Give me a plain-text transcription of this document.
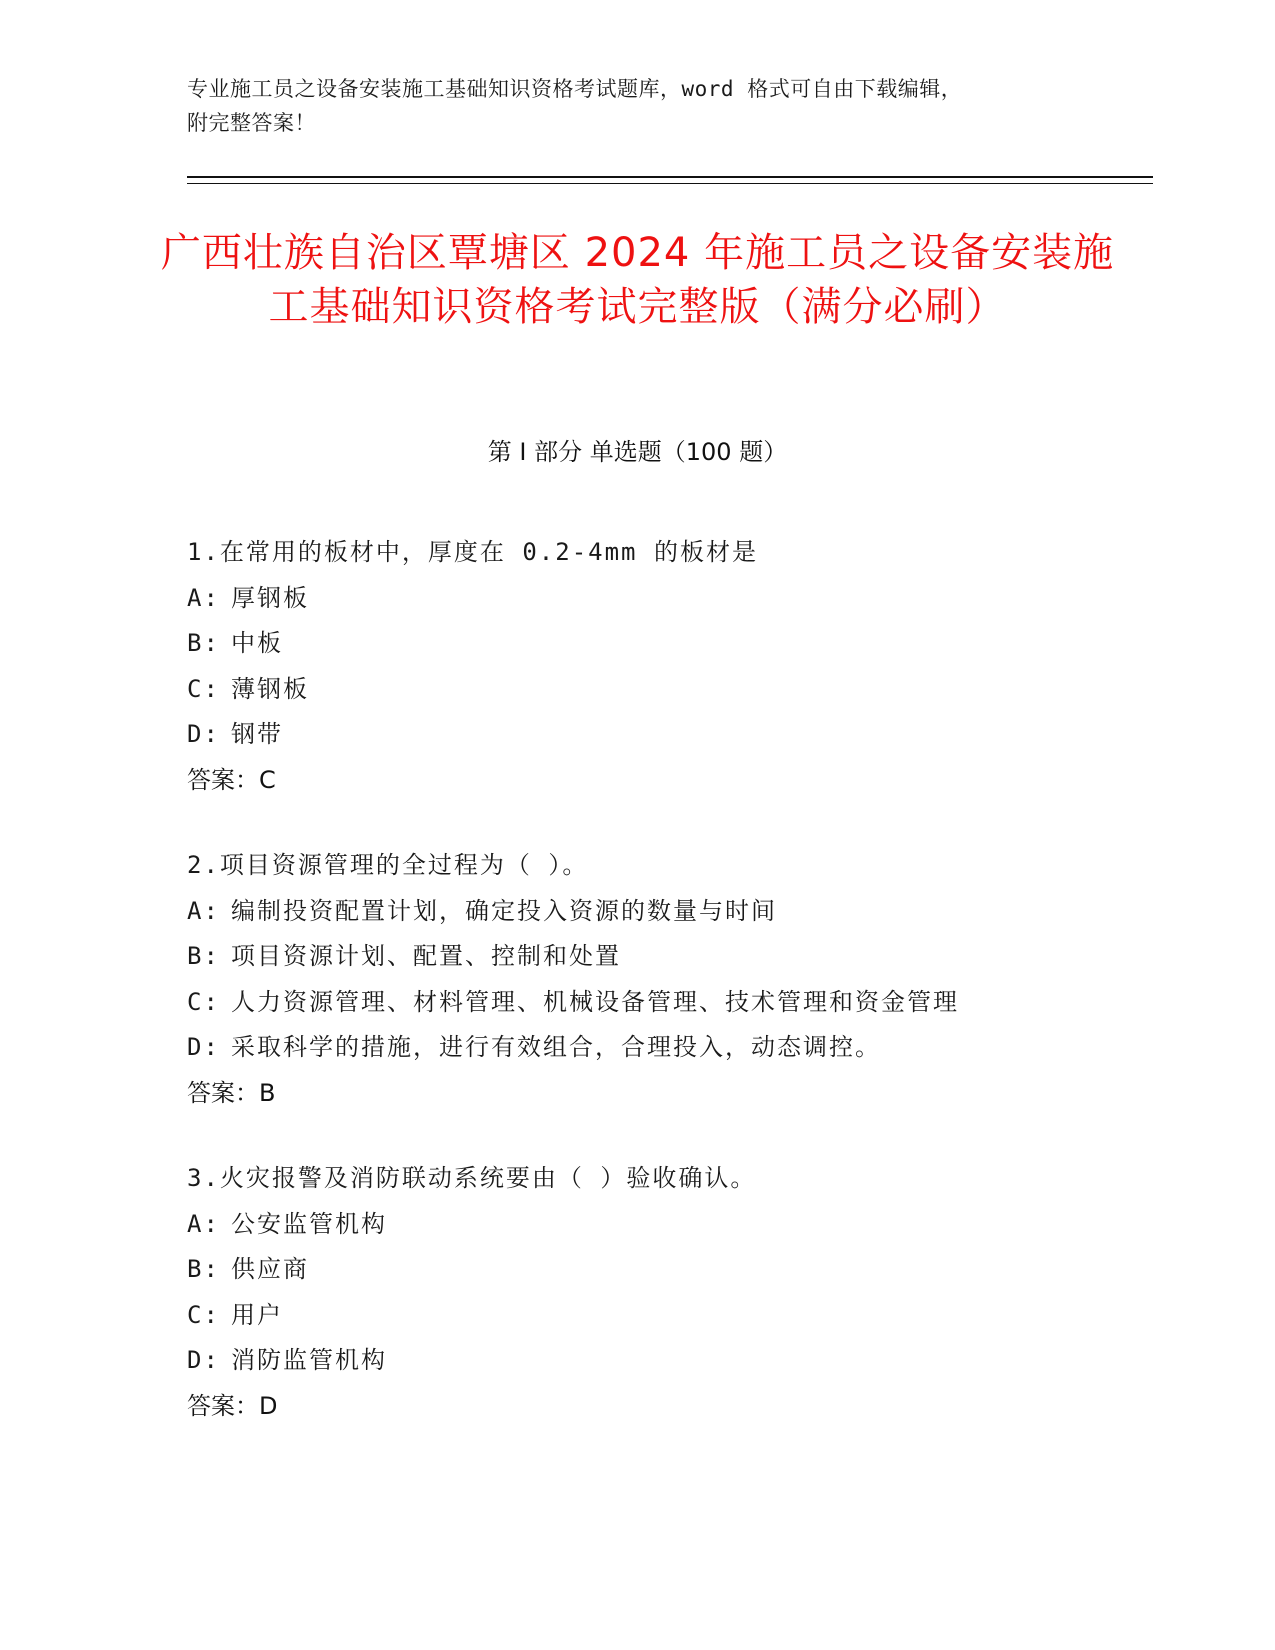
专业施工员之设备安装施工基础知识资格考试题库，word 格式可自由下载编辑，
附完整答案！
广西壮族自治区覃塘区 2024 年施工员之设备安装施工基础知识资格考试完整版（满分必刷）
第 I 部分 单选题（100 题）
1.在常用的板材中，厚度在 0.2-4mm 的板材是
A: 厚钢板
B: 中板
C: 薄钢板
D: 钢带
答案：C
2.项目资源管理的全过程为（ ）。
A: 编制投资配置计划，确定投入资源的数量与时间
B: 项目资源计划、配置、控制和处置
C: 人力资源管理、材料管理、机械设备管理、技术管理和资金管理
D: 采取科学的措施，进行有效组合，合理投入，动态调控。
答案：B
3.火灾报警及消防联动系统要由（ ）验收确认。
A: 公安监管机构
B: 供应商
C: 用户
D: 消防监管机构
答案：D
